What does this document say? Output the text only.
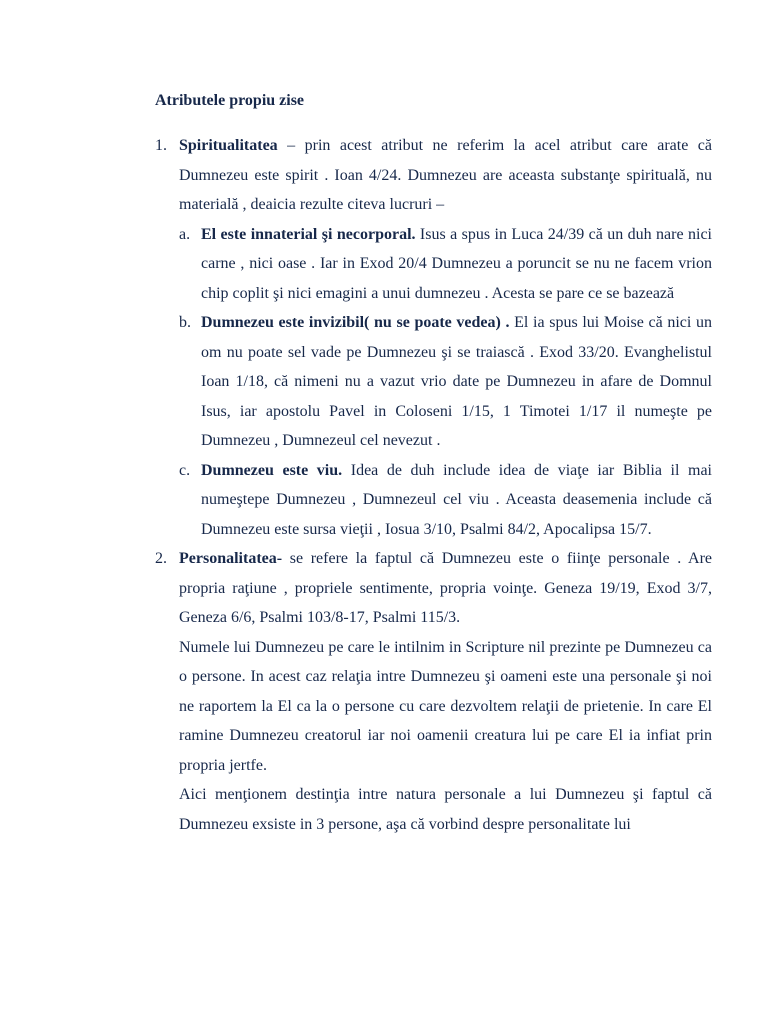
Atributele propiu zise
1. Spiritualitatea – prin acest atribut ne referim la acel atribut care arate că Dumnezeu este spirit . Ioan 4/24. Dumnezeu are aceasta substanţe spirituală, nu materială , deaicia rezulte citeva lucruri –
a. El este innaterial şi necorporal. Isus a spus in Luca 24/39 că un duh nare nici carne , nici oase . Iar in Exod 20/4 Dumnezeu a poruncit se nu ne facem vrion chip coplit şi nici emagini a unui dumnezeu . Acesta se pare ce se bazează
b. Dumnezeu este invizibil( nu se poate vedea) . El ia spus lui Moise că nici un om nu poate sel vade pe Dumnezeu şi se traiască . Exod 33/20. Evanghelistul Ioan 1/18, că nimeni nu a vazut vrio date pe Dumnezeu in afare de Domnul Isus, iar apostolu Pavel in Coloseni 1/15, 1 Timotei 1/17 il numeşte pe Dumnezeu , Dumnezeul cel nevezut .
c. Dumnezeu este viu. Idea de duh include idea de viaţe iar Biblia il mai numeştepe Dumnezeu , Dumnezeul cel viu . Aceasta deasemenia include că Dumnezeu este sursa vieţii , Iosua 3/10, Psalmi 84/2, Apocalipsa 15/7.
2. Personalitatea- se refere la faptul că Dumnezeu este o fiinţe personale . Are propria raţiune , propriele sentimente, propria voinţe. Geneza 19/19, Exod 3/7, Geneza 6/6, Psalmi 103/8-17, Psalmi 115/3.

Numele lui Dumnezeu pe care le intilnim in Scripture nil prezinte pe Dumnezeu ca o persone. In acest caz relaţia intre Dumnezeu şi oameni este una personale şi noi ne raportem la El ca la o persone cu care dezvoltem relaţii de prietenie. In care El ramine Dumnezeu creatorul iar noi oamenii creatura lui pe care El ia infiat prin propria jertfe.

Aici menţionem destinţia intre natura personale a lui Dumnezeu şi faptul că Dumnezeu exsiste in 3 persone, aşa că vorbind despre personalitate lui
